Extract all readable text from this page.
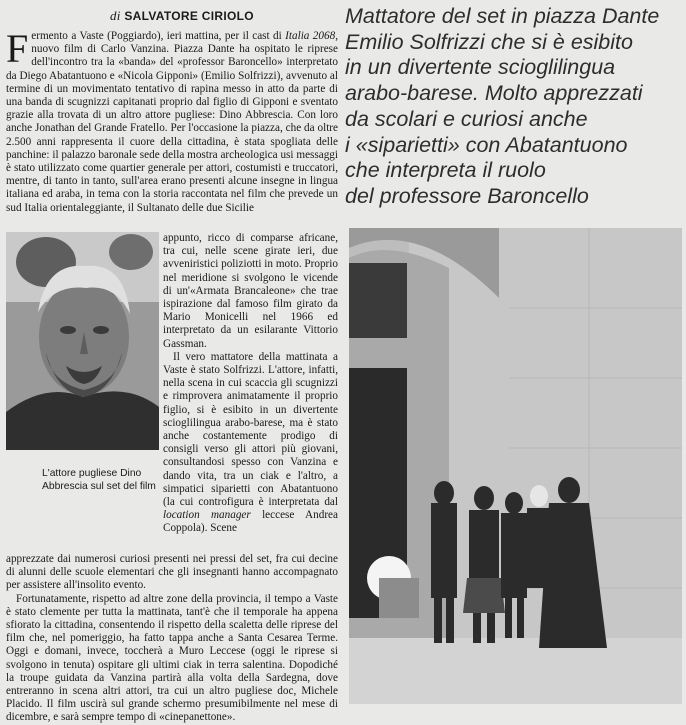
di SALVATORE CIRIOLO	Mattatore del set in piazza Dante
Emilio Solfrizzi che si è esibito
in un divertente scioglilingua
arabo-barese. Molto apprezzati
da scolari e curiosi anche
i «siparietti» con Abatantuono
che interpreta il ruolo
del professore Baroncello

Fermento a Vaste (Poggiardo), ieri mattina, per il cast di Italia 2068, nuovo film di Carlo Vanzina. Piazza Dante ha ospitato le riprese dell'incontro tra la «banda» del «professor Baroncello» interpretato da Diego Abatantuono e «Nicola Gipponi» (Emilio Solfrizzi), avvenuto al termine di un movimentato tentativo di rapina messo in atto da parte di una banda di scugnizzi capitanati proprio dal figlio di Gipponi e sventato grazie alla trovata di un altro attore pugliese: Dino Abbrescia. Con loro anche Jonathan del Grande Fratello. Per l'occasione la piazza, che da oltre 2.500 anni rappresenta il cuore della cittadina, è stata spogliata delle panchine: il palazzo baronale sede della mostra archeologica usi messaggi è stato utilizzato come quartier generale per attori, costumisti e truccatori, mentre, di tanto in tanto, sull'area erano presenti alcune insegne in lingua italiana ed araba, in tema con la storia raccontata nel film che prevede un sud Italia orientaleggiante, il Sultanato delle due Sicilie

L'attore pugliese Dino Abbrescia sul set del film

appunto, ricco di comparse africane, tra cui, nelle scene girate ieri, due avveniristici poliziotti in moto. Proprio nel meridione si svolgono le vicende di un'«Armata Brancaleone» che trae ispirazione dal famoso film girato da Mario Monicelli nel 1966 ed interpretato da un esilarante Vittorio Gassman.

Il vero mattatore della mattinata a Vaste è stato Solfrizzi. L'attore, infatti, nella scena in cui scaccia gli scugnizzi e rimprovera animatamente il proprio figlio, si è esibito in un divertente scioglilingua arabo-barese, ma è stato anche costantemente prodigo di consigli verso gli attori più giovani, consultandosi spesso con Vanzina e dando vita, tra un ciak e l'altro, a simpatici siparietti con Abatantuono (la cui controfigura è interpretata dal location manager leccese Andrea Coppola). Scene

apprezzate dai numerosi curiosi presenti nei pressi del set, fra cui decine di alunni delle scuole elementari che gli insegnanti hanno accompagnato per assistere all'insolito evento.

Fortunatamente, rispetto ad altre zone della provincia, il tempo a Vaste è stato clemente per tutta la mattinata, tant'è che il temporale ha appena sfiorato la cittadina, consentendo il rispetto della scaletta delle riprese del film che, nel pomeriggio, ha fatto tappa anche a Santa Cesarea Terme. Oggi e domani, invece, toccherà a Muro Leccese (oggi le riprese si svolgono in tenuta) ospitare gli ultimi ciak in terra salentina. Dopodiché la troupe guidata da Vanzina partirà alla volta della Sardegna, dove entreranno in scena altri attori, tra cui un altro pugliese doc, Michele Placido. Il film uscirà sul grande schermo presumibilmente nel mese di dicembre, e sarà sempre tempo di «cinepanettone».
